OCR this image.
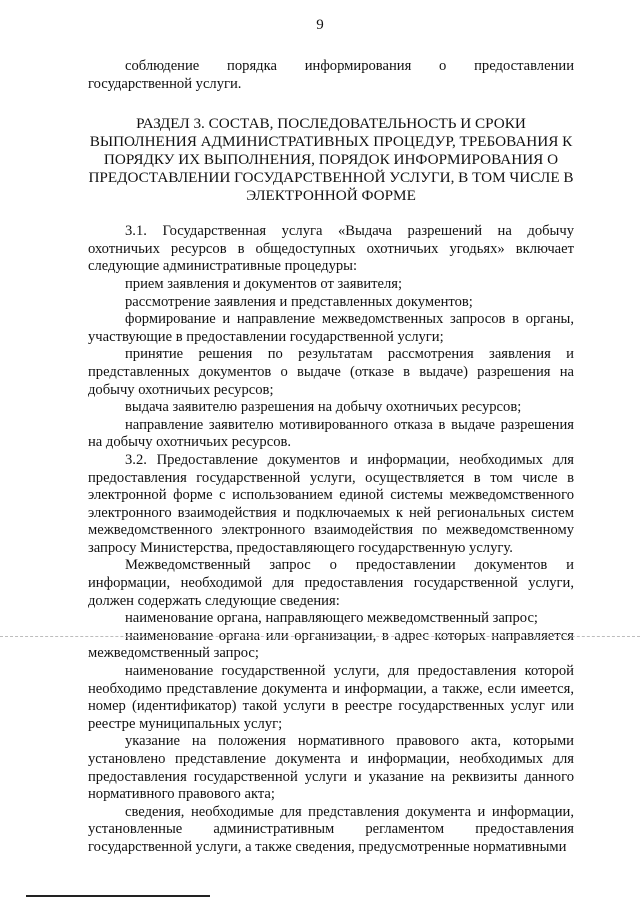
9

соблюдение порядка информирования о предоставлении государственной услуги.

РАЗДЕЛ 3. СОСТАВ, ПОСЛЕДОВАТЕЛЬНОСТЬ И СРОКИ ВЫПОЛНЕНИЯ АДМИНИСТРАТИВНЫХ ПРОЦЕДУР, ТРЕБОВАНИЯ К ПОРЯДКУ ИХ ВЫПОЛНЕНИЯ, ПОРЯДОК ИНФОРМИРОВАНИЯ О ПРЕДОСТАВЛЕНИИ ГОСУДАРСТВЕННОЙ УСЛУГИ, В ТОМ ЧИСЛЕ В ЭЛЕКТРОННОЙ ФОРМЕ

3.1. Государственная услуга «Выдача разрешений на добычу охотничьих ресурсов в общедоступных охотничьих угодьях» включает следующие административные процедуры:

прием заявления и документов от заявителя;

рассмотрение заявления и представленных документов;

формирование и направление межведомственных запросов в органы, участвующие в предоставлении государственной услуги;

принятие решения по результатам рассмотрения заявления и представленных документов о выдаче (отказе в выдаче) разрешения на добычу охотничьих ресурсов;

выдача заявителю разрешения на добычу охотничьих ресурсов;

направление заявителю мотивированного отказа в выдаче разрешения на добычу охотничьих ресурсов.

3.2. Предоставление документов и информации, необходимых для предоставления государственной услуги, осуществляется в том числе в электронной форме с использованием единой системы межведомственного электронного взаимодействия и подключаемых к ней региональных систем межведомственного электронного взаимодействия по межведомственному запросу Министерства, предоставляющего государственную услугу.

Межведомственный запрос о предоставлении документов и информации, необходимой для предоставления государственной услуги, должен содержать следующие сведения:

наименование органа, направляющего межведомственный запрос;

наименование органа или организации, в адрес которых направляется межведомственный запрос;

наименование государственной услуги, для предоставления которой необходимо представление документа и информации, а также, если имеется, номер (идентификатор) такой услуги в реестре государственных услуг или реестре муниципальных услуг;

указание на положения нормативного правового акта, которыми установлено представление документа и информации, необходимых для предоставления государственной услуги и указание на реквизиты данного нормативного правового акта;

сведения, необходимые для представления документа и информации, установленные административным регламентом предоставления государственной услуги, а также сведения, предусмотренные нормативными
